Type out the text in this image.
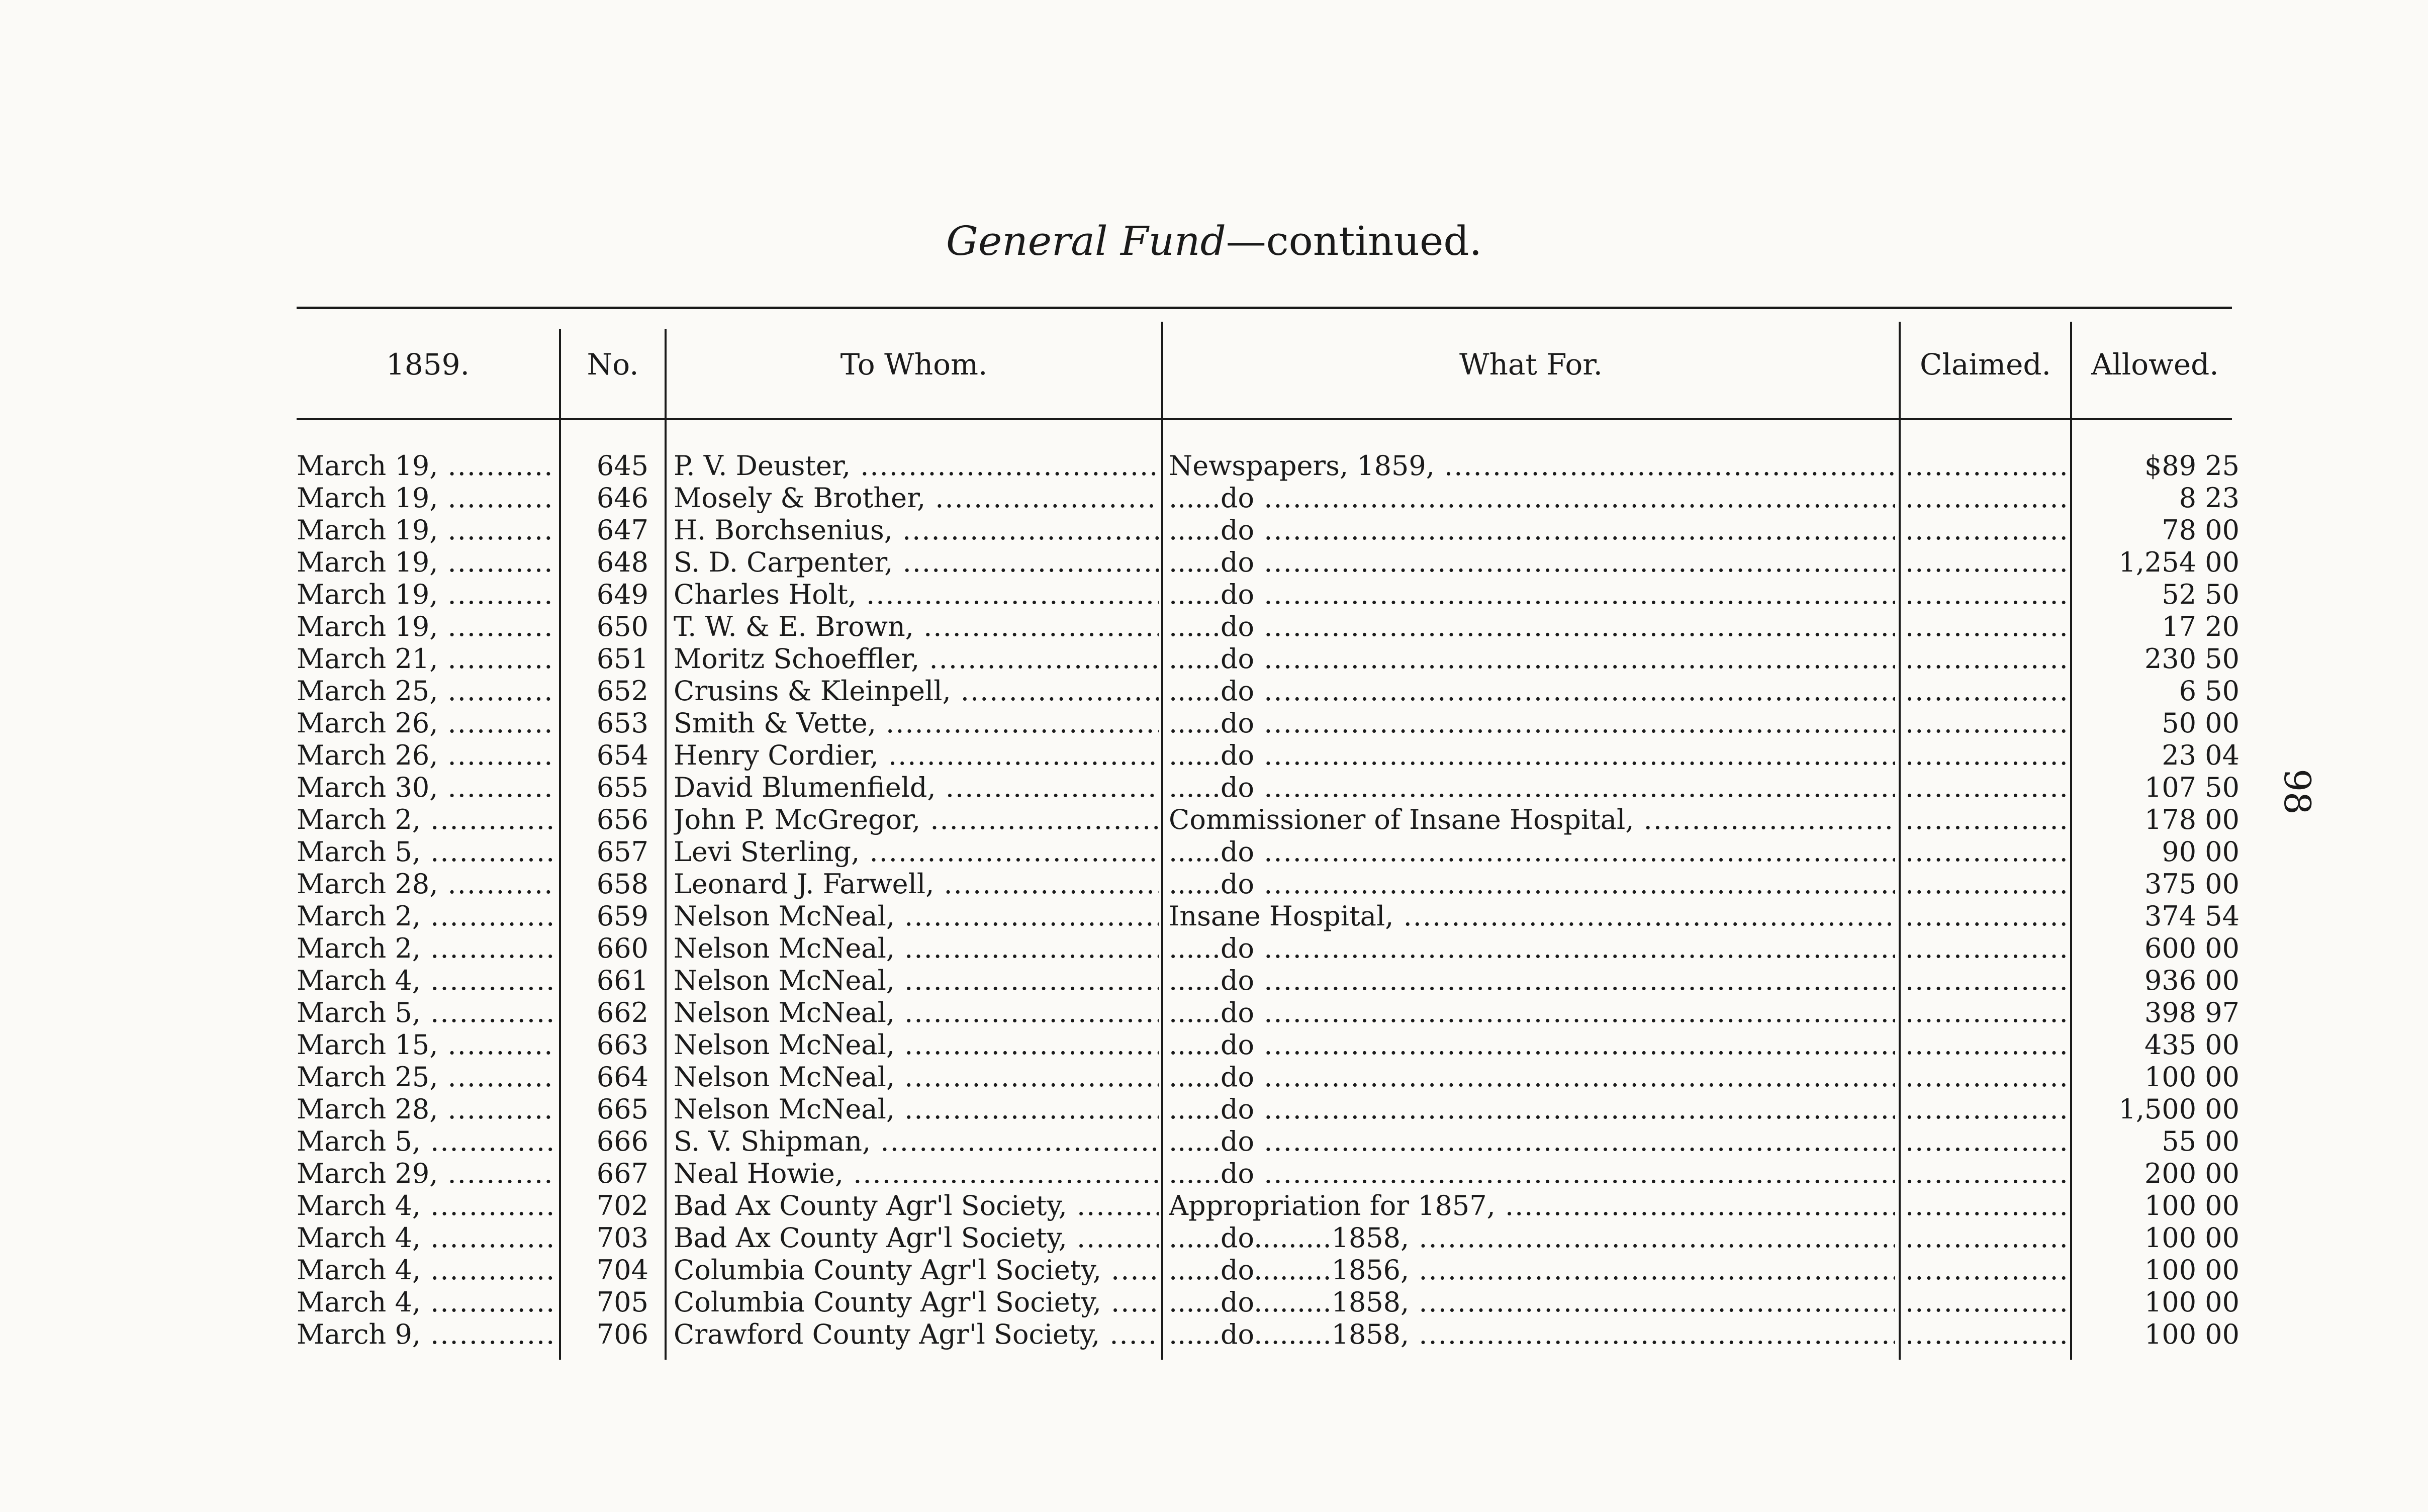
General Fund—continued.
98
1859.	No.	To Whom.	What For.	Claimed.	Allowed.
March 19, .....	645 P. V. Deuster, .....	Newspapers, 1859, ..... .....	$89 25
March 19, .....	646 Mosely & Brother, .....	......do ..... .....	8 23
March 19, .....	647 H. Borchsenius, .....	......do ..... .....	78 00
March 19, .....	648 S. D. Carpenter, .....	......do ..... .....	1,254 00
March 19, .....	649 Charles Holt, .....	......do ..... .....	52 50
March 19, .....	650 T. W. & E. Brown, .....	......do ..... .....	17 20
March 21, .....	651 Moritz Schoeffler, .....	......do ..... .....	230 50
March 25, .....	652 Crusins & Kleinpell, .....	......do ..... .....	6 50
March 26, .....	653 Smith & Vette, .....	......do ..... .....	50 00
March 26, .....	654 Henry Cordier, .....	......do ..... .....	23 04
March 30, .....	655 David Blumenfield, .....	......do ..... .....	107 50
March 2, .....	656 John P. McGregor, .....	Commissioner of Insane Hospital, ..... .....	178 00
March 5, .....	657 Levi Sterling, .....	......do ..... .....	90 00
March 28, .....	658 Leonard J. Farwell, .....	......do ..... .....	375 00
March 2, .....	659 Nelson McNeal, .....	Insane Hospital, ..... .....	374 54
March 2, .....	660 Nelson McNeal, .....	......do ..... .....	600 00
March 4, .....	661 Nelson McNeal, .....	......do ..... .....	936 00
March 5, .....	662 Nelson McNeal, .....	......do ..... .....	398 97
March 15, .....	663 Nelson McNeal, .....	......do ..... .....	435 00
March 25, .....	664 Nelson McNeal, .....	......do ..... .....	100 00
March 28, .....	665 Nelson McNeal, .....	......do ..... .....	1,500 00
March 5, .....	666 S. V. Shipman, .....	......do ..... .....	55 00
March 29, .....	667 Neal Howie, .....	......do ..... .....	200 00
March 4, .....	702 Bad Ax County Agr'l Society, .....	Appropriation for 1857, ..... .....	100 00
March 4, .....	703 Bad Ax County Agr'l Society, .....	......do.........1858, ..... .....	100 00
March 4, .....	704 Columbia County Agr'l Society, .....	......do.........1856, ..... .....	100 00
March 4, .....	705 Columbia County Agr'l Society, .....	......do.........1858, ..... .....	100 00
March 9, .....	706 Crawford County Agr'l Society, .....	......do.........1858, ..... .....	100 00
